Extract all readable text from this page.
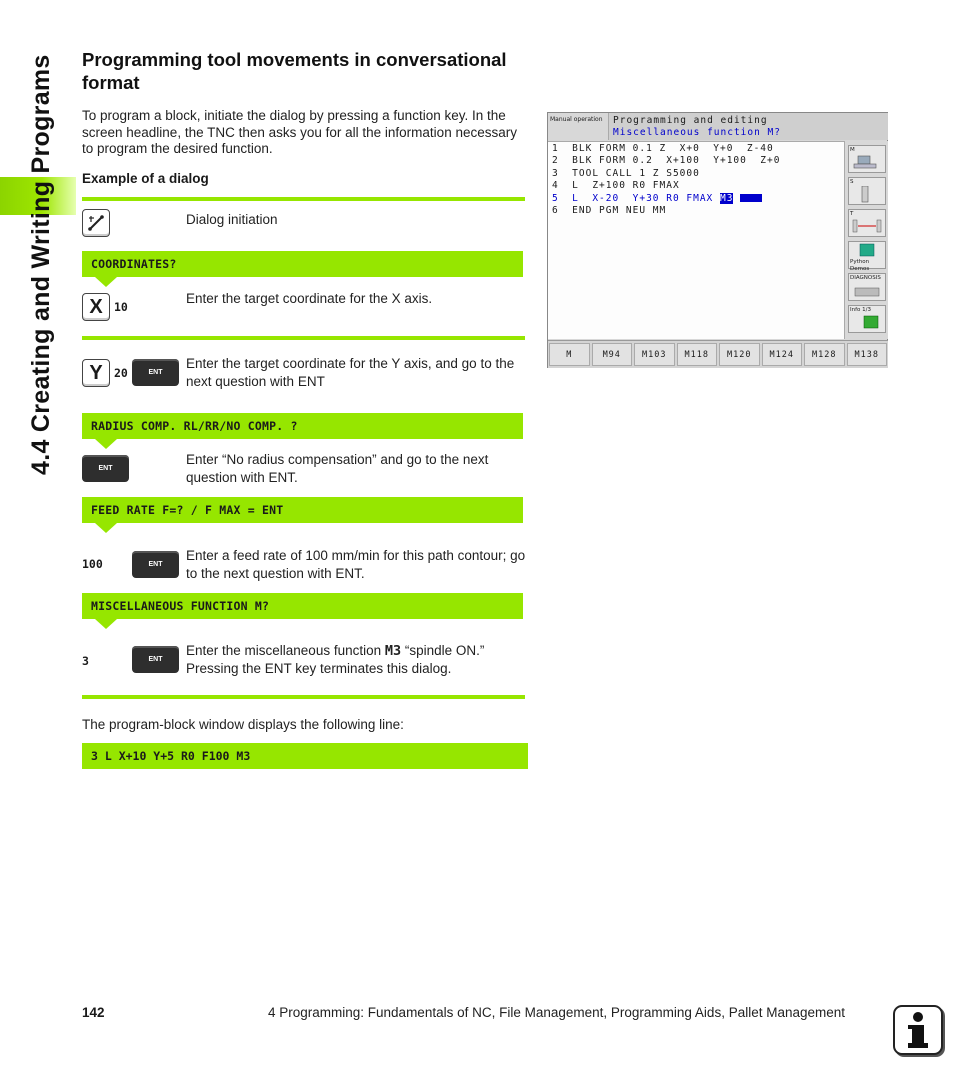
4.4 Creating and Writing Programs Programming tool movements in conversational format

To program a block, initiate the dialog by pressing a function key. In the screen headline, the TNC then asks you for all the information necessary to program the desired function.

Example of a dialog
Dialog initiation
COORDINATES?
X 10
Enter the target coordinate for the X axis.
Y 20	ENT
Enter the target coordinate for the Y axis, and go to the next question with ENT
RADIUS COMP. RL/RR/NO COMP. ?
ENT
Enter “No radius compensation” and go to the next question with ENT.
FEED RATE F=? / F MAX = ENT
100	ENT
Enter a feed rate of 100 mm/min for this path contour; go to the next question with ENT.
MISCELLANEOUS FUNCTION M?
3	ENT
Enter the miscellaneous function M3 “spindle ON.” Pressing the ENT key terminates this dialog.
Manual operation	Programming and editing
Miscellaneous function M?
1  BLK FORM 0.1 Z  X+0  Y+0  Z-40
2  BLK FORM 0.2  X+100  Y+100  Z+0
3  TOOL CALL 1 Z S5000
4  L  Z+100 R0 FMAX
5  L  X-20  Y+30 R0 FMAX M3
6  END PGM NEU MM
M
S
T
Python Demos
DIAGNOSIS
Info 1/3
M	M94	M103	M118	M120	M124	M128	M138
The program-block window displays the following line:
3 L X+10 Y+5 R0 F100 M3
142	4 Programming: Fundamentals of NC, File Management, Programming Aids, Pallet Management
